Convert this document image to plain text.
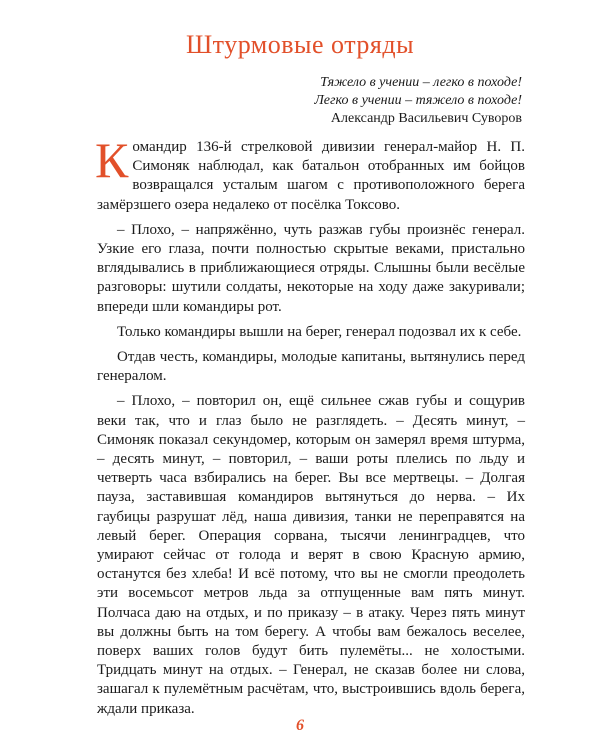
Штурмовые отряды
Тяжело в учении – легко в походе!
Легко в учении – тяжело в походе!
Александр Васильевич Суворов

Командир 136-й стрелковой дивизии генерал-майор Н. П. Симоняк наблюдал, как батальон отобранных им бойцов возвращался усталым шагом с противоположного берега замёрзшего озера недалеко от посёлка Токсово.

– Плохо, – напряжённо, чуть разжав губы произнёс генерал. Узкие его глаза, почти полностью скрытые веками, пристально вглядывались в приближающиеся отряды. Слышны были весёлые разговоры: шутили солдаты, некоторые на ходу даже закуривали; впереди шли командиры рот.

Только командиры вышли на берег, генерал подозвал их к себе.

Отдав честь, командиры, молодые капитаны, вытянулись перед генералом.

– Плохо, – повторил он, ещё сильнее сжав губы и сощурив веки так, что и глаз было не разглядеть. – Десять минут, – Симоняк показал секундомер, которым он замерял время штурма, – десять минут, – повторил, – ваши роты плелись по льду и четверть часа взбирались на берег. Вы все мертвецы. – Долгая пауза, заставившая командиров вытянуться до нерва. – Их гаубицы разрушат лёд, наша дивизия, танки не переправятся на левый берег. Операция сорвана, тысячи ленинградцев, что умирают сейчас от голода и верят в свою Красную армию, останутся без хлеба! И всё потому, что вы не смогли преодолеть эти восемьсот метров льда за отпущенные вам пять минут. Полчаса даю на отдых, и по приказу – в атаку. Через пять минут вы должны быть на том берегу. А чтобы вам бежалось веселее, поверх ваших голов будут бить пулемёты... не холостыми. Тридцать минут на отдых. – Генерал, не сказав более ни слова, зашагал к пулемётным расчётам, что, выстроившись вдоль берега, ждали приказа.

6
